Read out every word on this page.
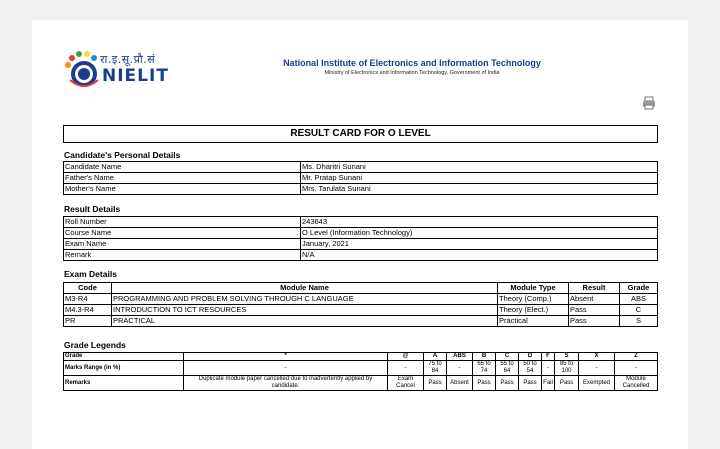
रा.इ.सू.प्रौ.सं
NIELIT
National Institute of Electronics and Information Technology
Ministry of Electronics and Information Technology, Government of India
RESULT CARD FOR O LEVEL
Candidate's Personal Details
Candidate Name	Ms. Dharitri Sunani
Father's Name	Mr. Pratap Sunani
Mother's Name	Mrs. Tarulata Sunani
Result Details
Roll Number	243643
Course Name	O Level (Information Technology)
Exam Name	January, 2021
Remark	N/A
Exam Details
Code	Module Name	Module Type	Result	Grade
M3-R4	PROGRAMMING AND PROBLEM SOLVING THROUGH C LANGUAGE	Theory (Comp.)	Absent	ABS
M4.3-R4	INTRODUCTION TO ICT RESOURCES	Theory (Elect.)	Pass	C
PR	PRACTICAL	Practical	Pass	S
Grade Legends
Grade	*	@	A	ABS	B	C	D	F	S	X	Z
Marks Range (in %)	-	-	75 to 84	-	65 to 74	55 to 64	50 to 54	-	85 to 100	-	-
Remarks	Duplicate module paper cancelled due to inadvertently applied by candidate.	Exam Cancel	Pass	Absent	Pass	Pass	Pass	Fail	Pass	Exempted	Module Cancelled
